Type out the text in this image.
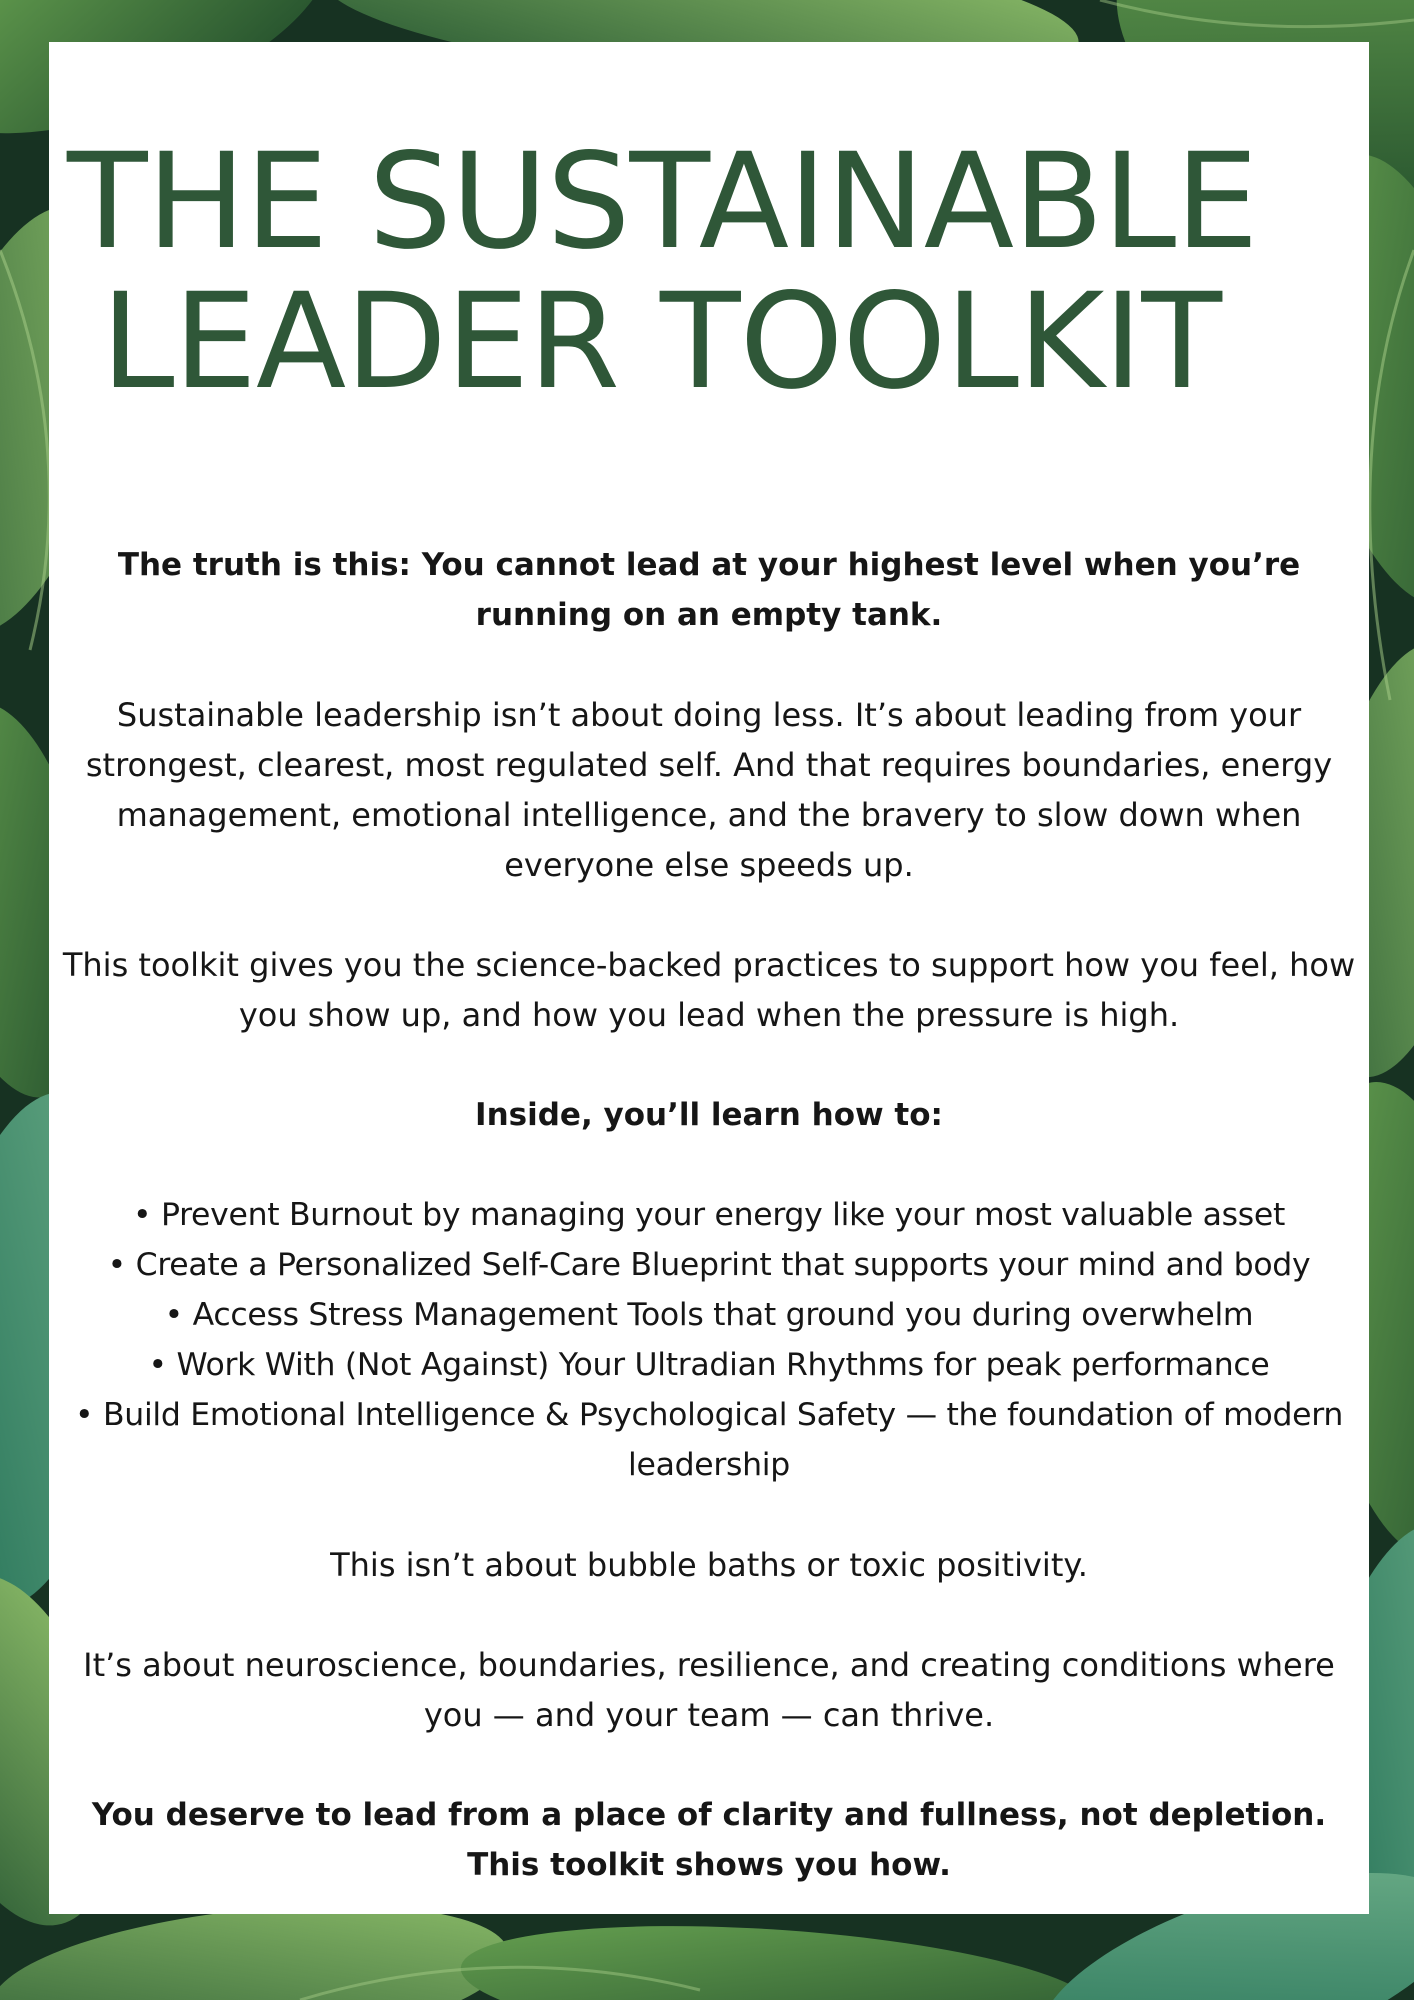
THE SUSTAINABLE
LEADER TOOLKIT

The truth is this: You cannot lead at your highest level when you’re running on an empty tank.

Sustainable leadership isn’t about doing less. It’s about leading from your strongest, clearest, most regulated self. And that requires boundaries, energy management, emotional intelligence, and the bravery to slow down when everyone else speeds up.

This toolkit gives you the science-backed practices to support how you feel, how you show up, and how you lead when the pressure is high.

Inside, you’ll learn how to:

• Prevent Burnout by managing your energy like your most valuable asset
• Create a Personalized Self-Care Blueprint that supports your mind and body
• Access Stress Management Tools that ground you during overwhelm
• Work With (Not Against) Your Ultradian Rhythms for peak performance
• Build Emotional Intelligence & Psychological Safety — the foundation of modern leadership

This isn’t about bubble baths or toxic positivity.

It’s about neuroscience, boundaries, resilience, and creating conditions where you — and your team — can thrive.

You deserve to lead from a place of clarity and fullness, not depletion.
This toolkit shows you how.
